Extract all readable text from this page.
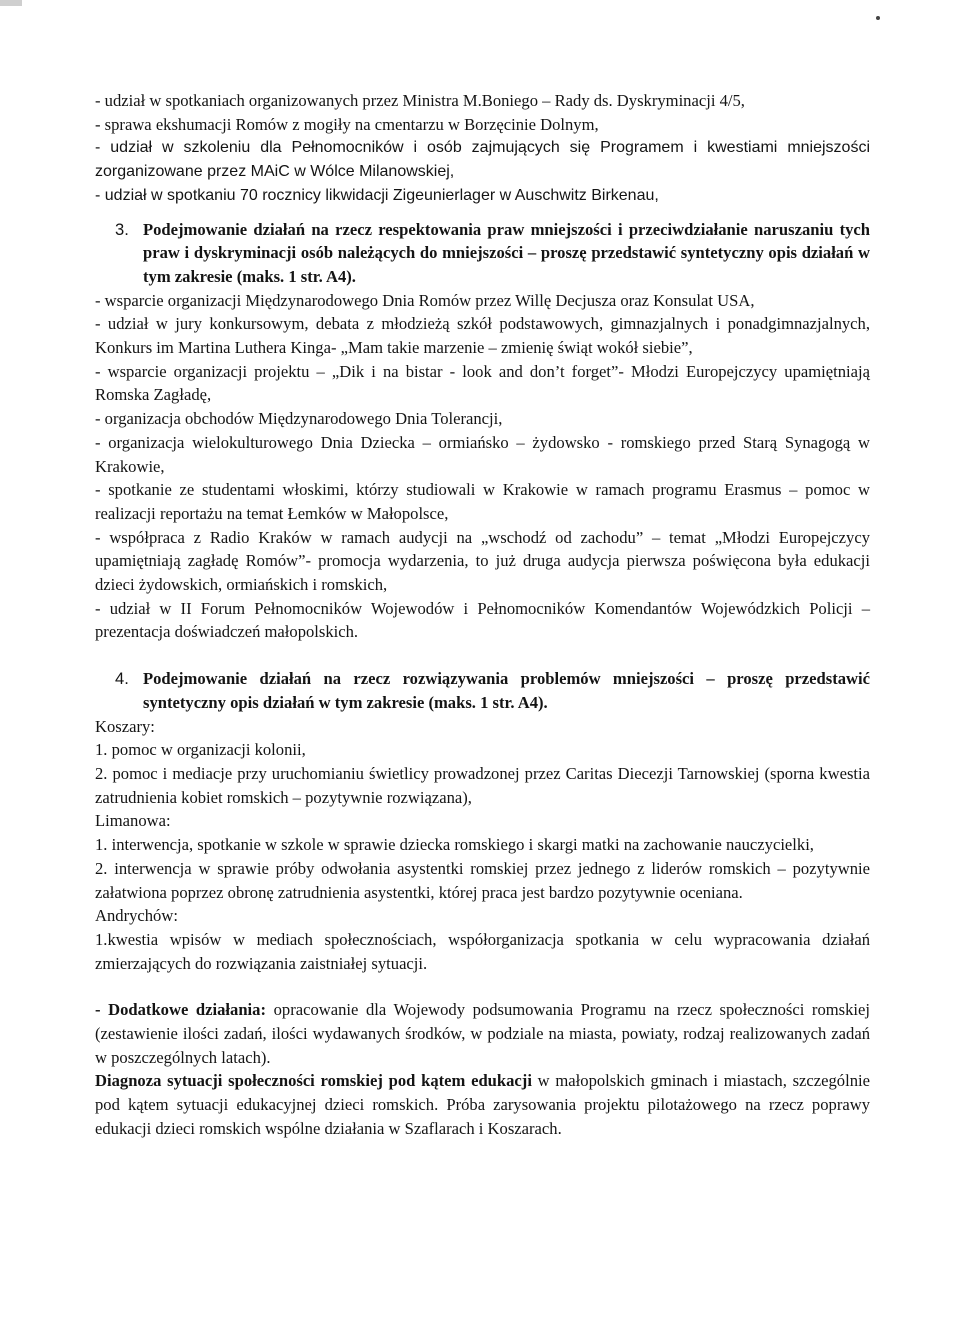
- udział w spotkaniach organizowanych przez Ministra M.Boniego – Rady ds. Dyskryminacji 4/5,

- sprawa ekshumacji Romów z mogiły na cmentarzu w Borzęcinie Dolnym,

- udział w szkoleniu dla Pełnomocników i osób zajmujących się Programem i kwestiami mniejszości zorganizowane przez MAiC w Wólce Milanowskiej,

- udział w spotkaniu 70 rocznicy likwidacji Zigeunierlager w Auschwitz Birkenau,

3. Podejmowanie działań na rzecz respektowania praw mniejszości i przeciwdziałanie naruszaniu tych praw i dyskryminacji osób należących do mniejszości – proszę przedstawić syntetyczny opis działań w tym zakresie (maks. 1 str. A4).

- wsparcie organizacji Międzynarodowego Dnia Romów przez Willę Decjusza oraz Konsulat USA,

- udział w jury konkursowym, debata z młodzieżą szkół podstawowych, gimnazjalnych i ponadgimnazjalnych, Konkurs im Martina Luthera Kinga- „Mam takie marzenie – zmienię świąt wokół siebie”,

- wsparcie organizacji projektu – „Dik i na bistar - look and don’t forget”- Młodzi Europejczycy upamiętniają Romska Zagładę,

- organizacja obchodów Międzynarodowego Dnia Tolerancji,

- organizacja wielokulturowego Dnia Dziecka – ormiańsko – żydowsko - romskiego przed Starą Synagogą w Krakowie,

- spotkanie ze studentami włoskimi, którzy studiowali w Krakowie w ramach programu Erasmus – pomoc w realizacji reportażu na temat Łemków w Małopolsce,

- współpraca z Radio Kraków w ramach audycji na „wschodź od zachodu” – temat „Młodzi Europejczycy upamiętniają zagładę Romów”- promocja wydarzenia, to już druga audycja pierwsza poświęcona była edukacji dzieci żydowskich, ormiańskich i romskich,

- udział w II Forum Pełnomocników Wojewodów i Pełnomocników Komendantów Wojewódzkich Policji – prezentacja doświadczeń małopolskich.

4. Podejmowanie działań na rzecz rozwiązywania problemów mniejszości – proszę przedstawić syntetyczny opis działań w tym zakresie (maks. 1 str. A4).

Koszary:

1. pomoc w organizacji kolonii,

2. pomoc i mediacje przy uruchomianiu świetlicy prowadzonej przez Caritas Diecezji Tarnowskiej (sporna kwestia zatrudnienia kobiet romskich – pozytywnie rozwiązana),

Limanowa:

1. interwencja, spotkanie w szkole w sprawie dziecka romskiego i skargi matki na zachowanie nauczycielki,

2. interwencja w sprawie próby odwołania asystentki romskiej przez jednego z liderów romskich – pozytywnie załatwiona poprzez obronę zatrudnienia asystentki, której praca jest bardzo pozytywnie oceniana.

Andrychów:

1.kwestia wpisów w mediach społecznościach, współorganizacja spotkania w celu wypracowania działań zmierzających do rozwiązania zaistniałej sytuacji.

- Dodatkowe działania: opracowanie dla Wojewody podsumowania Programu na rzecz społeczności romskiej (zestawienie ilości zadań, ilości wydawanych środków, w podziale na miasta, powiaty, rodzaj realizowanych zadań w poszczególnych latach).

Diagnoza sytuacji społeczności romskiej pod kątem edukacji w małopolskich gminach i miastach, szczególnie pod kątem sytuacji edukacyjnej dzieci romskich. Próba zarysowania projektu pilotażowego na rzecz poprawy edukacji dzieci romskich wspólne działania w Szaflarach i Koszarach.
